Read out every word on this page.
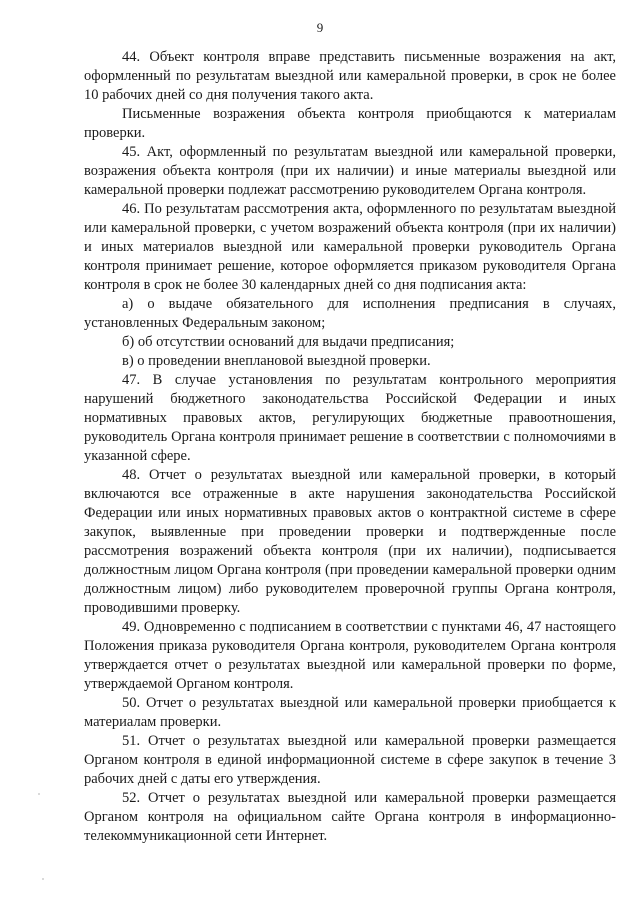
9

44. Объект контроля вправе представить письменные возражения на акт, оформленный по результатам выездной или камеральной проверки, в срок не более 10 рабочих дней со дня получения такого акта.

Письменные возражения объекта контроля приобщаются к материалам проверки.

45. Акт, оформленный по результатам выездной или камеральной проверки, возражения объекта контроля (при их наличии) и иные материалы выездной или камеральной проверки подлежат рассмотрению руководителем Органа контроля.

46. По результатам рассмотрения акта, оформленного по результатам выездной или камеральной проверки, с учетом возражений объекта контроля (при их наличии) и иных материалов выездной или камеральной проверки руководитель Органа контроля принимает решение, которое оформляется приказом руководителя Органа контроля в срок не более 30 календарных дней со дня подписания акта:

а) о выдаче обязательного для исполнения предписания в случаях, установленных Федеральным законом;

б) об отсутствии оснований для выдачи предписания;

в) о проведении внеплановой выездной проверки.

47. В случае установления по результатам контрольного мероприятия нарушений бюджетного законодательства Российской Федерации и иных нормативных правовых актов, регулирующих бюджетные правоотношения, руководитель Органа контроля принимает решение в соответствии с полномочиями в указанной сфере.

48. Отчет о результатах выездной или камеральной проверки, в который включаются все отраженные в акте нарушения законодательства Российской Федерации или иных нормативных правовых актов о контрактной системе в сфере закупок, выявленные при проведении проверки и подтвержденные после рассмотрения возражений объекта контроля (при их наличии), подписывается должностным лицом Органа контроля (при проведении камеральной проверки одним должностным лицом) либо руководителем проверочной группы Органа контроля, проводившими проверку.

49. Одновременно с подписанием в соответствии с пунктами 46, 47 настоящего Положения приказа руководителя Органа контроля, руководителем Органа контроля утверждается отчет о результатах выездной или камеральной проверки по форме, утверждаемой Органом контроля.

50. Отчет о результатах выездной или камеральной проверки приобщается к материалам проверки.

51. Отчет о результатах выездной или камеральной проверки размещается Органом контроля в единой информационной системе в сфере закупок в течение 3 рабочих дней с даты его утверждения.

52. Отчет о результатах выездной или камеральной проверки размещается Органом контроля на официальном сайте Органа контроля в информационно-телекоммуникационной сети Интернет.
